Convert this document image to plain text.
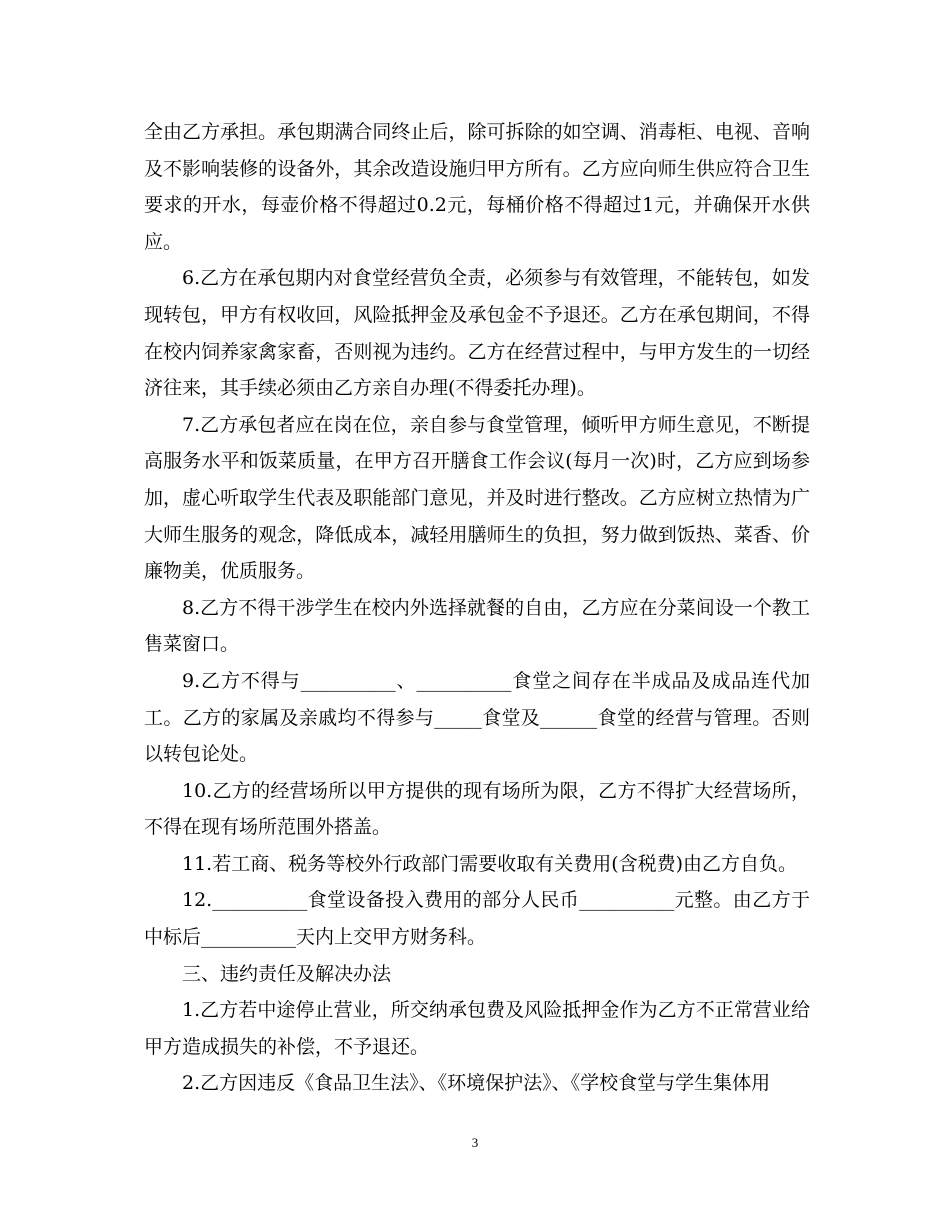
全由乙方承担。承包期满合同终止后，除可拆除的如空调、消毒柜、电视、音响及不影响装修的设备外，其余改造设施归甲方所有。乙方应向师生供应符合卫生要求的开水，每壶价格不得超过0.2元，每桶价格不得超过1元，并确保开水供应。

6.乙方在承包期内对食堂经营负全责，必须参与有效管理，不能转包，如发现转包，甲方有权收回，风险抵押金及承包金不予退还。乙方在承包期间，不得在校内饲养家禽家畜，否则视为违约。乙方在经营过程中，与甲方发生的一切经济往来，其手续必须由乙方亲自办理(不得委托办理)。

7.乙方承包者应在岗在位，亲自参与食堂管理，倾听甲方师生意见，不断提高服务水平和饭菜质量，在甲方召开膳食工作会议(每月一次)时，乙方应到场参加，虚心听取学生代表及职能部门意见，并及时进行整改。乙方应树立热情为广大师生服务的观念，降低成本，减轻用膳师生的负担，努力做到饭热、菜香、价廉物美，优质服务。

8.乙方不得干涉学生在校内外选择就餐的自由，乙方应在分菜间设一个教工售菜窗口。

9.乙方不得与__________、__________食堂之间存在半成品及成品连代加工。乙方的家属及亲戚均不得参与_____食堂及______食堂的经营与管理。否则以转包论处。

10.乙方的经营场所以甲方提供的现有场所为限，乙方不得扩大经营场所，不得在现有场所范围外搭盖。

11.若工商、税务等校外行政部门需要收取有关费用(含税费)由乙方自负。

12.__________食堂设备投入费用的部分人民币__________元整。由乙方于中标后__________天内上交甲方财务科。

三、违约责任及解决办法

1.乙方若中途停止营业，所交纳承包费及风险抵押金作为乙方不正常营业给甲方造成损失的补偿，不予退还。

2.乙方因违反《食品卫生法》、《环境保护法》、《学校食堂与学生集体用

3
